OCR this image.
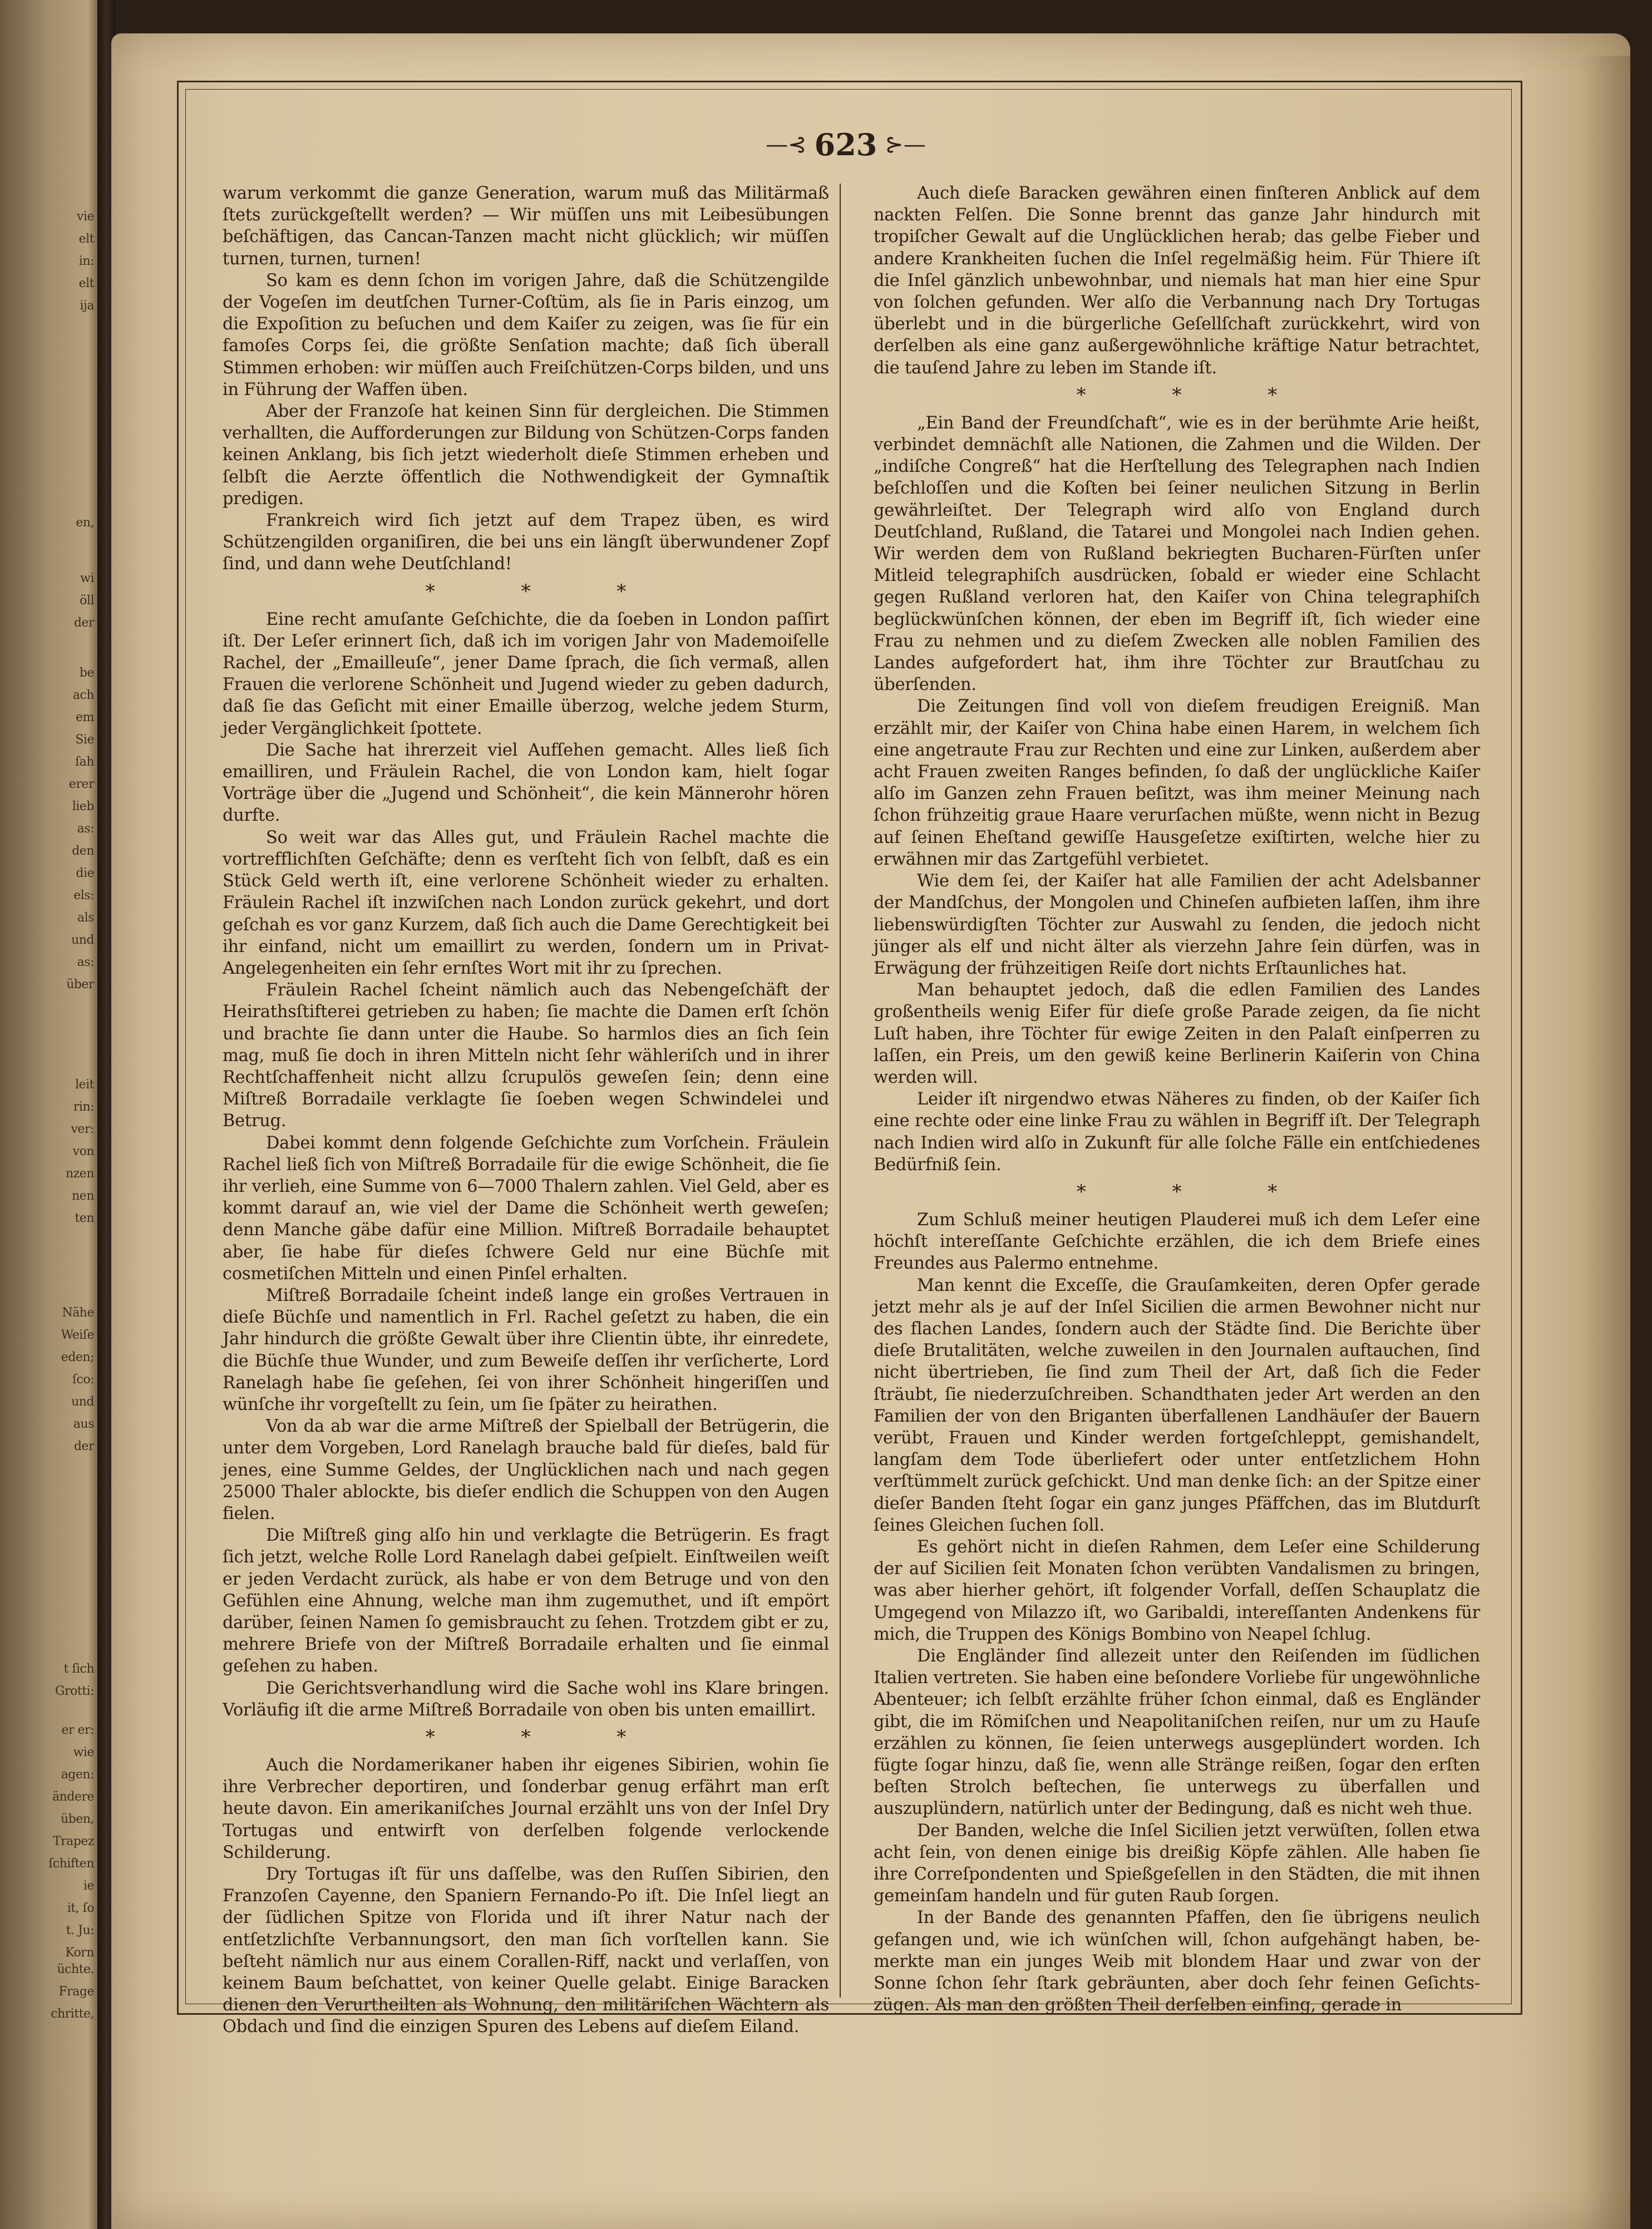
vie
elt
in:
elt
ija
en,
wi
öll
der
be
ach
em
Sie
ſah
erer
lieb
as:
den
die
els:
als
und
as:
über
leit
rin:
ver:
von
nzen
nen
ten
Nähe
Weiſe
eden;
ſco:
und
aus
der
t ſich
Grotti:
er er:
wie
agen:
ändere
üben,
Trapez
ſchiften
ie
it, ſo
t. Ju:
Korn
üchte.
Frage
chritte,
—⊰ 623 ⊱—

warum verkommt die ganze Generation, warum muß das Militärmaß ſtets zurückgeſtellt werden? — Wir müſſen uns mit Leibesübungen beſchäftigen, das Cancan-Tanzen macht nicht glücklich; wir müſſen turnen, turnen, turnen!

So kam es denn ſchon im vorigen Jahre, daß die Schützengilde der Vogeſen im deutſchen Turner-Coſtüm, als ſie in Paris einzog, um die Expoſition zu beſuchen und dem Kaiſer zu zeigen, was ſie für ein famoſes Corps ſei, die größte Senſation machte; daß ſich überall Stimmen erhoben: wir müſſen auch Freiſchützen-Corps bilden, und uns in Führung der Waffen üben.

Aber der Franzoſe hat keinen Sinn für dergleichen. Die Stimmen verhallten, die Aufforderungen zur Bildung von Schützen-Corps fanden keinen Anklang, bis ſich jetzt wiederholt dieſe Stimmen erheben und ſelbſt die Aerzte öffentlich die Nothwendigkeit der Gymnaſtik predigen.

Frankreich wird ſich jetzt auf dem Trapez üben, es wird Schützengilden organiſiren, die bei uns ein längſt überwundener Zopf ſind, und dann wehe Deutſchland!

* * *

Eine recht amuſante Geſchichte, die da ſoeben in London paſſirt iſt. Der Leſer erinnert ſich, daß ich im vorigen Jahr von Mademoiſelle Rachel, der „Emailleuſe“, jener Dame ſprach, die ſich vermaß, allen Frauen die verlorene Schönheit und Jugend wieder zu geben dadurch, daß ſie das Geſicht mit einer Emaille überzog, welche jedem Sturm, jeder Vergänglichkeit ſpottete.

Die Sache hat ihrerzeit viel Aufſehen gemacht. Alles ließ ſich emailliren, und Fräulein Rachel, die von London kam, hielt ſogar Vorträge über die „Jugend und Schönheit“, die kein Männerohr hören durfte.

So weit war das Alles gut, und Fräulein Rachel machte die vortrefflichſten Geſchäfte; denn es verſteht ſich von ſelbſt, daß es ein Stück Geld werth iſt, eine verlorene Schönheit wieder zu erhalten. Fräulein Rachel iſt inzwiſchen nach London zurück gekehrt, und dort geſchah es vor ganz Kurzem, daß ſich auch die Dame Gerechtigkeit bei ihr einfand, nicht um emaillirt zu werden, ſondern um in Privat-Angelegenheiten ein ſehr ernſtes Wort mit ihr zu ſprechen.

Fräulein Rachel ſcheint nämlich auch das Nebengeſchäft der Heirathsſtifterei getrieben zu haben; ſie machte die Damen erſt ſchön und brachte ſie dann unter die Haube. So harmlos dies an ſich ſein mag, muß ſie doch in ihren Mitteln nicht ſehr wähleriſch und in ihrer Rechtſchaffenheit nicht allzu ſcrupulös geweſen ſein; denn eine Miſtreß Borradaile verklagte ſie ſoeben wegen Schwindelei und Betrug.

Dabei kommt denn folgende Geſchichte zum Vorſchein. Fräulein Rachel ließ ſich von Miſtreß Borradaile für die ewige Schönheit, die ſie ihr verlieh, eine Summe von 6—7000 Thalern zahlen. Viel Geld, aber es kommt darauf an, wie viel der Dame die Schönheit werth geweſen; denn Manche gäbe dafür eine Million. Miſtreß Borradaile behauptet aber, ſie habe für dieſes ſchwere Geld nur eine Büchſe mit cosmetiſchen Mitteln und einen Pinſel erhalten.

Miſtreß Borradaile ſcheint indeß lange ein großes Vertrauen in dieſe Büchſe und namentlich in Frl. Rachel geſetzt zu haben, die ein Jahr hindurch die größte Gewalt über ihre Clientin übte, ihr einredete, die Büchſe thue Wunder, und zum Beweiſe deſſen ihr verſicherte, Lord Ranelagh habe ſie geſehen, ſei von ihrer Schönheit hingeriſſen und wünſche ihr vorgeſtellt zu ſein, um ſie ſpäter zu heirathen.

Von da ab war die arme Miſtreß der Spielball der Betrügerin, die unter dem Vorgeben, Lord Ranelagh brauche bald für dieſes, bald für jenes, eine Summe Geldes, der Unglücklichen nach und nach gegen 25000 Thaler ablockte, bis dieſer endlich die Schuppen von den Augen fielen.

Die Miſtreß ging alſo hin und verklagte die Betrügerin. Es fragt ſich jetzt, welche Rolle Lord Ranelagh dabei geſpielt. Einſtweilen weiſt er jeden Verdacht zurück, als habe er von dem Betruge und von den Gefühlen eine Ahnung, welche man ihm zugemuthet, und iſt empört darüber, ſeinen Namen ſo gemisbraucht zu ſehen. Trotzdem gibt er zu, mehrere Briefe von der Miſtreß Borradaile erhalten und ſie einmal geſehen zu haben.

Die Gerichtsverhandlung wird die Sache wohl ins Klare bringen. Vorläufig iſt die arme Miſtreß Borradaile von oben bis unten emaillirt.

* * *

Auch die Nordamerikaner haben ihr eigenes Sibirien, wohin ſie ihre Verbrecher deportiren, und ſonderbar genug erfährt man erſt heute davon. Ein amerikaniſches Journal erzählt uns von der Inſel Dry Tortugas und entwirft von derſelben folgende verlockende Schilderung.

Dry Tortugas iſt für uns daſſelbe, was den Ruſſen Sibirien, den Franzoſen Cayenne, den Spaniern Fernando-Po iſt. Die Inſel liegt an der ſüdlichen Spitze von Florida und iſt ihrer Natur nach der entſetzlichſte Verbannungsort, den man ſich vorſtellen kann. Sie beſteht nämlich nur aus einem Corallen-Riff, nackt und verlaſſen, von keinem Baum beſchattet, von keiner Quelle gelabt. Einige Baracken dienen den Verurtheilten als Wohnung, den militäriſchen Wächtern als Obdach und ſind die einzigen Spuren des Lebens auf dieſem Eiland.

Auch dieſe Baracken gewähren einen finſteren Anblick auf dem nackten Felſen. Die Sonne brennt das ganze Jahr hindurch mit tropiſcher Gewalt auf die Unglücklichen herab; das gelbe Fieber und andere Krankheiten ſuchen die Inſel regelmäßig heim. Für Thiere iſt die Inſel gänzlich unbewohnbar, und niemals hat man hier eine Spur von ſolchen gefunden. Wer alſo die Verbannung nach Dry Tortugas überlebt und in die bürgerliche Geſellſchaft zurückkehrt, wird von derſelben als eine ganz außergewöhnliche kräftige Natur betrachtet, die tauſend Jahre zu leben im Stande iſt.

* * *

„Ein Band der Freundſchaft“, wie es in der berühmte Arie heißt, verbindet demnächſt alle Nationen, die Zahmen und die Wilden. Der „indiſche Congreß“ hat die Herſtellung des Telegraphen nach Indien beſchloſſen und die Koſten bei ſeiner neulichen Sitzung in Berlin gewährleiſtet. Der Telegraph wird alſo von England durch Deutſchland, Rußland, die Tatarei und Mongolei nach Indien gehen. Wir werden dem von Rußland bekriegten Bucharen-Fürſten unſer Mitleid telegraphiſch ausdrücken, ſobald er wieder eine Schlacht gegen Rußland verloren hat, den Kaiſer von China telegraphiſch beglückwünſchen können, der eben im Begriff iſt, ſich wieder eine Frau zu nehmen und zu dieſem Zwecken alle noblen Familien des Landes aufgefordert hat, ihm ihre Töchter zur Brautſchau zu überſenden.

Die Zeitungen ſind voll von dieſem freudigen Ereigniß. Man erzählt mir, der Kaiſer von China habe einen Harem, in welchem ſich eine angetraute Frau zur Rechten und eine zur Linken, außerdem aber acht Frauen zweiten Ranges befinden, ſo daß der unglückliche Kaiſer alſo im Ganzen zehn Frauen beſitzt, was ihm meiner Meinung nach ſchon frühzeitig graue Haare verurſachen müßte, wenn nicht in Bezug auf ſeinen Eheſtand gewiſſe Hausgeſetze exiſtirten, welche hier zu erwähnen mir das Zartgefühl verbietet.

Wie dem ſei, der Kaiſer hat alle Familien der acht Adelsbanner der Mandſchus, der Mongolen und Chineſen aufbieten laſſen, ihm ihre liebenswürdigſten Töchter zur Auswahl zu ſenden, die jedoch nicht jünger als elf und nicht älter als vierzehn Jahre ſein dürfen, was in Erwägung der frühzeitigen Reiſe dort nichts Erſtaunliches hat.

Man behauptet jedoch, daß die edlen Familien des Landes großentheils wenig Eifer für dieſe große Parade zeigen, da ſie nicht Luſt haben, ihre Töchter für ewige Zeiten in den Palaſt einſperren zu laſſen, ein Preis, um den gewiß keine Berlinerin Kaiſerin von China werden will.

Leider iſt nirgendwo etwas Näheres zu finden, ob der Kaiſer ſich eine rechte oder eine linke Frau zu wählen in Begriff iſt. Der Telegraph nach Indien wird alſo in Zukunft für alle ſolche Fälle ein entſchiedenes Bedürfniß ſein.

* * *

Zum Schluß meiner heutigen Plauderei muß ich dem Leſer eine höchſt intereſſante Geſchichte erzählen, die ich dem Briefe eines Freundes aus Palermo entnehme.

Man kennt die Exceſſe, die Grauſamkeiten, deren Opfer gerade jetzt mehr als je auf der Inſel Sicilien die armen Bewohner nicht nur des flachen Landes, ſondern auch der Städte ſind. Die Berichte über dieſe Brutalitäten, welche zuweilen in den Journalen auftauchen, ſind nicht übertrieben, ſie ſind zum Theil der Art, daß ſich die Feder ſträubt, ſie niederzuſchreiben. Schandthaten jeder Art werden an den Familien der von den Briganten überfallenen Landhäuſer der Bauern verübt, Frauen und Kinder werden fortgeſchleppt, gemishandelt, langſam dem Tode überliefert oder unter entſetzlichem Hohn verſtümmelt zurück geſchickt. Und man denke ſich: an der Spitze einer dieſer Banden ſteht ſogar ein ganz junges Pfäffchen, das im Blutdurſt ſeines Gleichen ſuchen ſoll.

Es gehört nicht in dieſen Rahmen, dem Leſer eine Schilderung der auf Sicilien ſeit Monaten ſchon verübten Vandalismen zu bringen, was aber hierher gehört, iſt folgender Vorfall, deſſen Schauplatz die Umgegend von Milazzo iſt, wo Garibaldi, intereſſanten Andenkens für mich, die Truppen des Königs Bombino von Neapel ſchlug.

Die Engländer ſind allezeit unter den Reiſenden im ſüdlichen Italien vertreten. Sie haben eine beſondere Vorliebe für ungewöhnliche Abenteuer; ich ſelbſt erzählte früher ſchon einmal, daß es Engländer gibt, die im Römiſchen und Neapolitaniſchen reiſen, nur um zu Hauſe erzählen zu können, ſie ſeien unterwegs ausgeplündert worden. Ich fügte ſogar hinzu, daß ſie, wenn alle Stränge reißen, ſogar den erſten beſten Strolch beſtechen, ſie unterwegs zu überfallen und auszuplündern, natürlich unter der Bedingung, daß es nicht weh thue.

Der Banden, welche die Inſel Sicilien jetzt verwüſten, ſollen etwa acht ſein, von denen einige bis dreißig Köpfe zählen. Alle haben ſie ihre Correſpondenten und Spießgeſellen in den Städten, die mit ihnen gemeinſam handeln und für guten Raub ſorgen.

In der Bande des genannten Pfaffen, den ſie übrigens neulich gefangen und, wie ich wünſchen will, ſchon aufgehängt haben, bemerkte man ein junges Weib mit blondem Haar und zwar von der Sonne ſchon ſehr ſtark gebräunten, aber doch ſehr feinen Geſichtszügen. Als man den größten Theil derſelben einfing, gerade in
